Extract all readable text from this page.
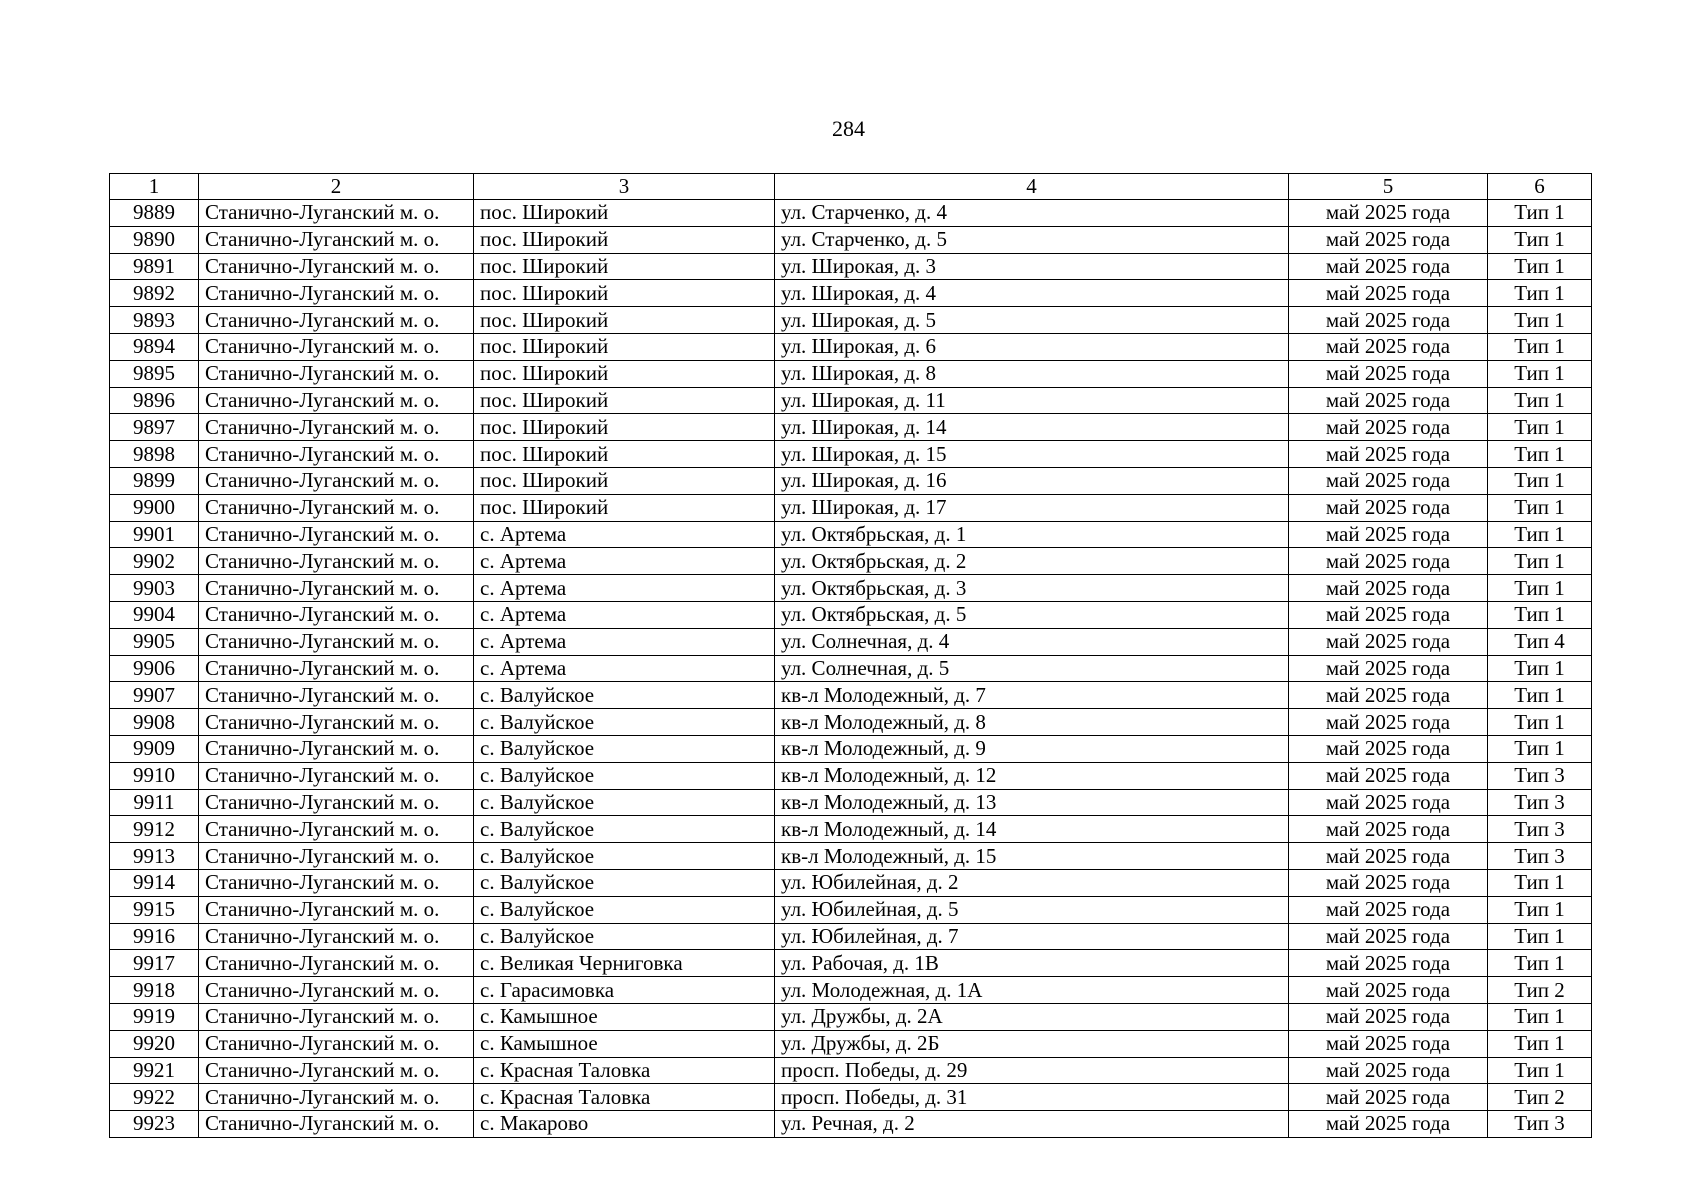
284
1	2	3	4	5	6
9889	Станично-Луганский м. о.	пос. Широкий	ул. Старченко, д. 4	май 2025 года	Тип 1
9890	Станично-Луганский м. о.	пос. Широкий	ул. Старченко, д. 5	май 2025 года	Тип 1
9891	Станично-Луганский м. о.	пос. Широкий	ул. Широкая, д. 3	май 2025 года	Тип 1
9892	Станично-Луганский м. о.	пос. Широкий	ул. Широкая, д. 4	май 2025 года	Тип 1
9893	Станично-Луганский м. о.	пос. Широкий	ул. Широкая, д. 5	май 2025 года	Тип 1
9894	Станично-Луганский м. о.	пос. Широкий	ул. Широкая, д. 6	май 2025 года	Тип 1
9895	Станично-Луганский м. о.	пос. Широкий	ул. Широкая, д. 8	май 2025 года	Тип 1
9896	Станично-Луганский м. о.	пос. Широкий	ул. Широкая, д. 11	май 2025 года	Тип 1
9897	Станично-Луганский м. о.	пос. Широкий	ул. Широкая, д. 14	май 2025 года	Тип 1
9898	Станично-Луганский м. о.	пос. Широкий	ул. Широкая, д. 15	май 2025 года	Тип 1
9899	Станично-Луганский м. о.	пос. Широкий	ул. Широкая, д. 16	май 2025 года	Тип 1
9900	Станично-Луганский м. о.	пос. Широкий	ул. Широкая, д. 17	май 2025 года	Тип 1
9901	Станично-Луганский м. о.	с. Артема	ул. Октябрьская, д. 1	май 2025 года	Тип 1
9902	Станично-Луганский м. о.	с. Артема	ул. Октябрьская, д. 2	май 2025 года	Тип 1
9903	Станично-Луганский м. о.	с. Артема	ул. Октябрьская, д. 3	май 2025 года	Тип 1
9904	Станично-Луганский м. о.	с. Артема	ул. Октябрьская, д. 5	май 2025 года	Тип 1
9905	Станично-Луганский м. о.	с. Артема	ул. Солнечная, д. 4	май 2025 года	Тип 4
9906	Станично-Луганский м. о.	с. Артема	ул. Солнечная, д. 5	май 2025 года	Тип 1
9907	Станично-Луганский м. о.	с. Валуйское	кв-л Молодежный, д. 7	май 2025 года	Тип 1
9908	Станично-Луганский м. о.	с. Валуйское	кв-л Молодежный, д. 8	май 2025 года	Тип 1
9909	Станично-Луганский м. о.	с. Валуйское	кв-л Молодежный, д. 9	май 2025 года	Тип 1
9910	Станично-Луганский м. о.	с. Валуйское	кв-л Молодежный, д. 12	май 2025 года	Тип 3
9911	Станично-Луганский м. о.	с. Валуйское	кв-л Молодежный, д. 13	май 2025 года	Тип 3
9912	Станично-Луганский м. о.	с. Валуйское	кв-л Молодежный, д. 14	май 2025 года	Тип 3
9913	Станично-Луганский м. о.	с. Валуйское	кв-л Молодежный, д. 15	май 2025 года	Тип 3
9914	Станично-Луганский м. о.	с. Валуйское	ул. Юбилейная, д. 2	май 2025 года	Тип 1
9915	Станично-Луганский м. о.	с. Валуйское	ул. Юбилейная, д. 5	май 2025 года	Тип 1
9916	Станично-Луганский м. о.	с. Валуйское	ул. Юбилейная, д. 7	май 2025 года	Тип 1
9917	Станично-Луганский м. о.	с. Великая Черниговка	ул. Рабочая, д. 1В	май 2025 года	Тип 1
9918	Станично-Луганский м. о.	с. Гарасимовка	ул. Молодежная, д. 1А	май 2025 года	Тип 2
9919	Станично-Луганский м. о.	с. Камышное	ул. Дружбы, д. 2А	май 2025 года	Тип 1
9920	Станично-Луганский м. о.	с. Камышное	ул. Дружбы, д. 2Б	май 2025 года	Тип 1
9921	Станично-Луганский м. о.	с. Красная Таловка	просп. Победы, д. 29	май 2025 года	Тип 1
9922	Станично-Луганский м. о.	с. Красная Таловка	просп. Победы, д. 31	май 2025 года	Тип 2
9923	Станично-Луганский м. о.	с. Макарово	ул. Речная, д. 2	май 2025 года	Тип 3
